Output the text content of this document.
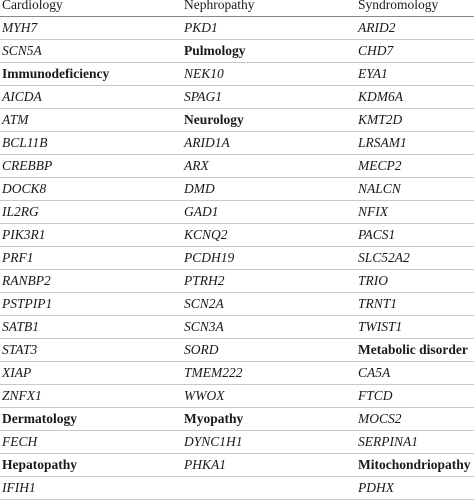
Cardiology	Nephropathy	Syndromology
MYH7	PKD1	ARID2
SCN5A	Pulmology	CHD7
Immunodeficiency	NEK10	EYA1
AICDA	SPAG1	KDM6A
ATM	Neurology	KMT2D
BCL11B	ARID1A	LRSAM1
CREBBP	ARX	MECP2
DOCK8	DMD	NALCN
IL2RG	GAD1	NFIX
PIK3R1	KCNQ2	PACS1
PRF1	PCDH19	SLC52A2
RANBP2	PTRH2	TRIO
PSTPIP1	SCN2A	TRNT1
SATB1	SCN3A	TWIST1
STAT3	SORD	Metabolic disorder
XIAP	TMEM222	CA5A
ZNFX1	WWOX	FTCD
Dermatology	Myopathy	MOCS2
FECH	DYNC1H1	SERPINA1
Hepatopathy	PHKA1	Mitochondriopathy
IFIH1		PDHX
